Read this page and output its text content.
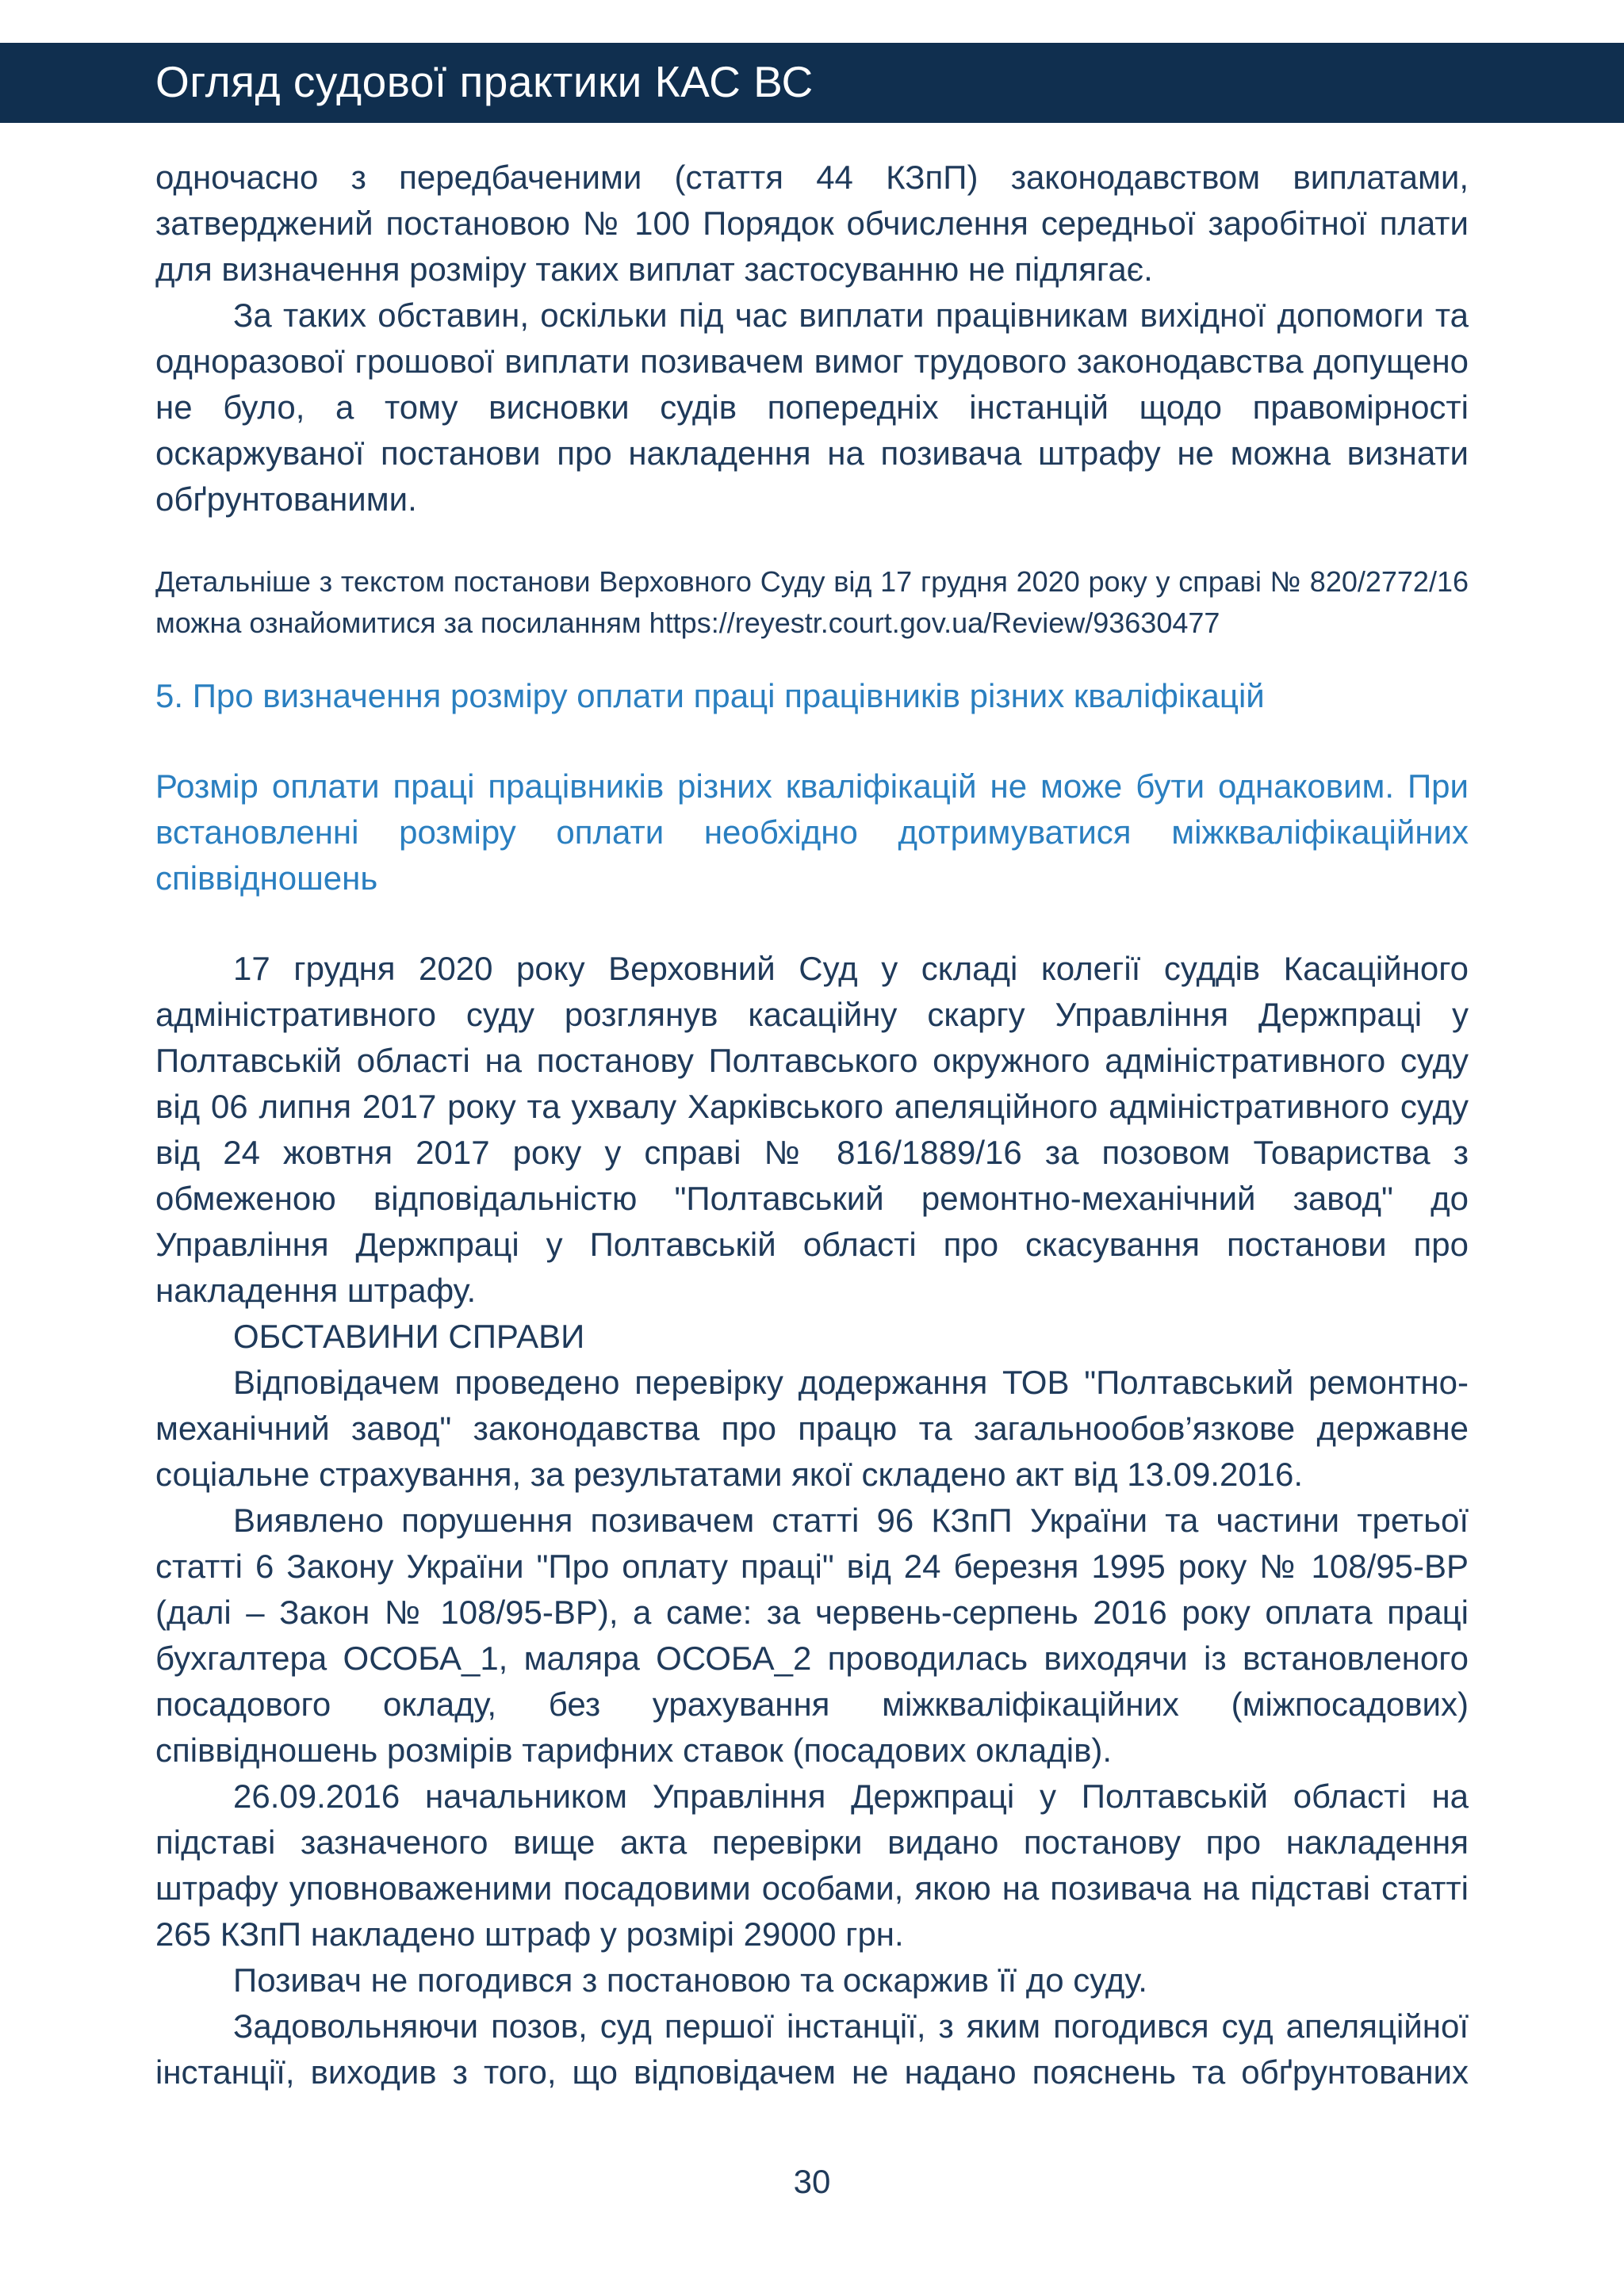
Огляд судової практики КАС ВС

одночасно з передбаченими (стаття 44 КЗпП) законодавством виплатами, затверджений постановою № 100 Порядок обчислення середньої заробітної плати для визначення розміру таких виплат застосуванню не підлягає.

За таких обставин, оскільки під час виплати працівникам вихідної допомоги та одноразової грошової виплати позивачем вимог трудового законодавства допущено не було, а тому висновки судів попередніх інстанцій щодо правомірності оскаржуваної постанови про накладення на позивача штрафу не можна визнати обґрунтованими.

Детальніше з текстом постанови Верховного Суду від 17 грудня 2020 року у справі № 820/2772/16 можна ознайомитися за посиланням https://reyestr.court.gov.ua/Review/93630477

5. Про визначення розміру оплати праці працівників різних кваліфікацій

Розмір оплати праці працівників різних кваліфікацій не може бути однаковим. При встановленні розміру оплати необхідно дотримуватися міжкваліфікаційних співвідношень

17 грудня 2020 року Верховний Суд у складі колегії суддів Касаційного адміністративного суду розглянув касаційну скаргу Управління Держпраці у Полтавській області на постанову Полтавського окружного адміністративного суду від 06 липня 2017 року та ухвалу Харківського апеляційного адміністративного суду від 24 жовтня 2017 року у справі № 816/1889/16 за позовом Товариства з обмеженою відповідальністю "Полтавський ремонтно-механічний завод" до Управління Держпраці у Полтавській області про скасування постанови про накладення штрафу.

ОБСТАВИНИ СПРАВИ

Відповідачем проведено перевірку додержання ТОВ "Полтавський ремонтно-механічний завод" законодавства про працю та загальнообов’язкове державне соціальне страхування, за результатами якої складено акт від 13.09.2016.

Виявлено порушення позивачем статті 96 КЗпП України та частини третьої статті 6 Закону України "Про оплату праці" від 24 березня 1995 року № 108/95-ВР (далі – Закон № 108/95-ВР), а саме: за червень-серпень 2016 року оплата праці бухгалтера ОСОБА_1, маляра ОСОБА_2 проводилась виходячи із встановленого посадового окладу, без урахування міжкваліфікаційних (міжпосадових) співвідношень розмірів тарифних ставок (посадових окладів).

26.09.2016 начальником Управління Держпраці у Полтавській області на підставі зазначеного вище акта перевірки видано постанову про накладення штрафу уповноваженими посадовими особами, якою на позивача на підставі статті 265 КЗпП накладено штраф у розмірі 29000 грн.

Позивач не погодився з постановою та оскаржив її до суду.

Задовольняючи позов, суд першої інстанції, з яким погодився суд апеляційної інстанції, виходив з того, що відповідачем не надано пояснень та обґрунтованих

30
